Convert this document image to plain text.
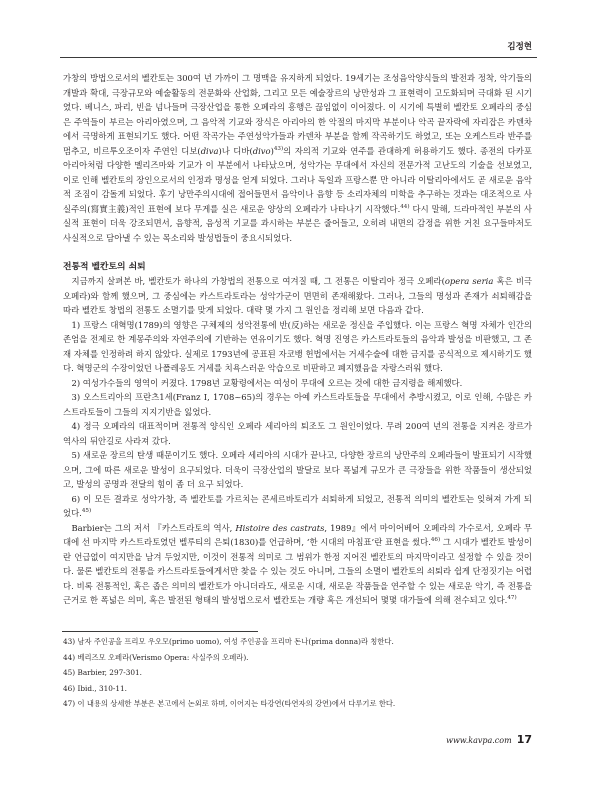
김정현

가창의 방법으로서의 벨칸토는 300여 년 가까이 그 명맥을 유지하게 되었다. 19세기는 조성음악양식들의 발전과 정착, 악기들의 개발과 확대, 극장규모와 예술활동의 전문화와 산업화, 그리고 모든 예술장르의 낭만성과 그 표현력이 고도화되며 극대화 된 시기였다. 베니스, 파리, 빈을 넘나들며 극장산업을 통한 오페라의 흥행은 끊임없이 이어졌다. 이 시기에 특별히 벨칸토 오페라의 중심은 주역들이 부르는 아리아였으며, 그 음악적 기교와 장식은 아리아의 한 악절의 마지막 부분이나 악곡 끝자락에 자리잡은 카덴차에서 극명하게 표현되기도 했다. 어떤 작곡가는 주연성악가들과 카덴차 부분을 함께 작곡하기도 하였고, 또는 오케스트라 반주를 멈추고, 비르투오조이자 주연인 디보(diva)나 디바(divo)$^{43)}$의 자의적 기교와 연주를 관대하게 허용하기도 했다. 종전의 다카포 아리아처럼 다양한 멜리즈마와 기교가 이 부분에서 나타났으며, 성악가는 무대에서 자신의 전문가적 고난도의 기술을 선보였고, 이로 인해 벨칸토의 장인으로서의 인정과 명성을 얻게 되었다. 그러나 독일과 프랑스뿐 만 아니라 이탈리아에서도 곧 새로운 음악적 조짐이 감돌게 되었다. 후기 낭만주의시대에 접어들면서 음악이나 음향 등 소리자체의 미학을 추구하는 것과는 대조적으로 사실주의(寫實主義)적인 표현에 보다 무게를 실은 새로운 양상의 오페라가 나타나기 시작했다.$^{44)}$ 다시 말해, 드라마적인 부분의 사실적 표현이 더욱 강조되면서, 음향적, 음성적 기교를 과시하는 부분은 줄어들고, 오히려 내면의 감정을 위한 거친 요구들마저도 사실적으로 담아낼 수 있는 목소리와 발성법들이 중요시되었다.

전통적 벨칸토의 쇠퇴

지금까지 살펴본 바, 벨칸토가 하나의 가창법의 전통으로 여겨질 때, 그 전통은 이탈리아 정극 오페라(opera seria 혹은 비극 오페라)와 함께 했으며, 그 중심에는 카스트라토라는 성악가군이 면면히 존재해왔다. 그러나, 그들의 명성과 존재가 쇠퇴해감을 따라 벨칸토 창법의 전통도 소멸기를 맞게 되었다. 대략 몇 가지 그 원인을 정리해 보면 다음과 같다.

1) 프랑스 대혁명(1789)의 영향은 구체제의 성악전통에 반(反)하는 새로운 정신을 주입했다. 이는 프랑스 혁명 자체가 인간의 존엄을 전제로 한 계몽주의와 자연주의에 기반하는 연유이기도 했다. 혁명 진영은 카스트라토들의 음악과 발성을 비판했고, 그 존재 자체를 인정하려 하지 않았다. 실제로 1793년에 공표된 자코뱅 헌법에서는 거세수술에 대한 금지를 공식적으로 제시하기도 했다. 혁명군의 수장이었던 나폴레옹도 거세를 치욕스러운 악습으로 비판하고 폐지했음을 자랑스러워 했다.

2) 여성가수들의 영역이 커졌다. 1798년 교황령에서는 여성이 무대에 오르는 것에 대한 금지령을 해제했다.

3) 오스트리아의 프란츠1세(Franz I, 1708~65)의 경우는 아예 카스트라토들을 무대에서 추방시켰고, 이로 인해, 수많은 카스트라토들이 그들의 지지기반을 잃었다.

4) 정극 오페라의 대표적이며 전통적 양식인 오페라 세리아의 퇴조도 그 원인이었다. 무려 200여 년의 전통을 지켜온 장르가 역사의 뒤안길로 사라져 갔다.

5) 새로운 장르의 탄생 때문이기도 했다. 오페라 세리아의 시대가 끝나고, 다양한 장르의 낭만주의 오페라들이 발표되기 시작했으며, 그에 따른 새로운 발성이 요구되었다. 더욱이 극장산업의 발달로 보다 폭넓게 규모가 큰 극장들을 위한 작품들이 생산되었고, 발성의 공명과 전달의 힘이 좀 더 요구 되었다.

6) 이 모든 결과로 성악가창, 즉 벨칸토를 가르치는 콘세르바토리가 쇠퇴하게 되었고, 전통적 의미의 벨칸토는 잊혀져 가게 되었다.$^{45)}$

Barbier는 그의 저서 『카스트라토의 역사, Histoire des castrats, 1989』에서 마이어베어 오페라의 가수로서, 오페라 무대에 선 마지막 카스트라토였던 벨루티의 은퇴(1830)를 언급하며, ‘한 시대의 마침표’란 표현을 썼다.$^{46)}$ 그 시대가 벨칸토 발성이란 언급없이 여지만을 남겨 두었지만, 이것이 전통적 의미로 그 범위가 한정 지어진 벨칸토의 마지막이라고 설정할 수 있을 것이다. 물론 벨칸토의 전통을 카스트라토들에게서만 찾을 수 있는 것도 아니며, 그들의 소멸이 벨칸토의 쇠퇴라 쉽게 단정짓기는 어렵다. 비록 전통적인, 혹은 좁은 의미의 벨칸토가 아니더라도, 새로운 시대, 새로운 작품들을 연주할 수 있는 새로운 악기, 즉 전통을 근거로 한 폭넓은 의미, 혹은 발전된 형태의 발성법으로서 벨칸토는 개량 혹은 개선되어 몇몇 대가들에 의해 전수되고 있다.$^{47)}$

43) 남자 주인공을 프리모 우오모(primo uomo), 여성 주인공을 프리마 돈나(prima donna)라 칭한다.

44) 베리즈모 오페라(Verismo Opera: 사실주의 오페라).

45) Barbier, 297-301.

46) Ibid., 310-11.

47) 이 내용의 상세한 부분은 본고에서 논외로 하며, 이어지는 타강연(타연자의 강연)에서 다루기로 한다.

www.kavpa.com 17
